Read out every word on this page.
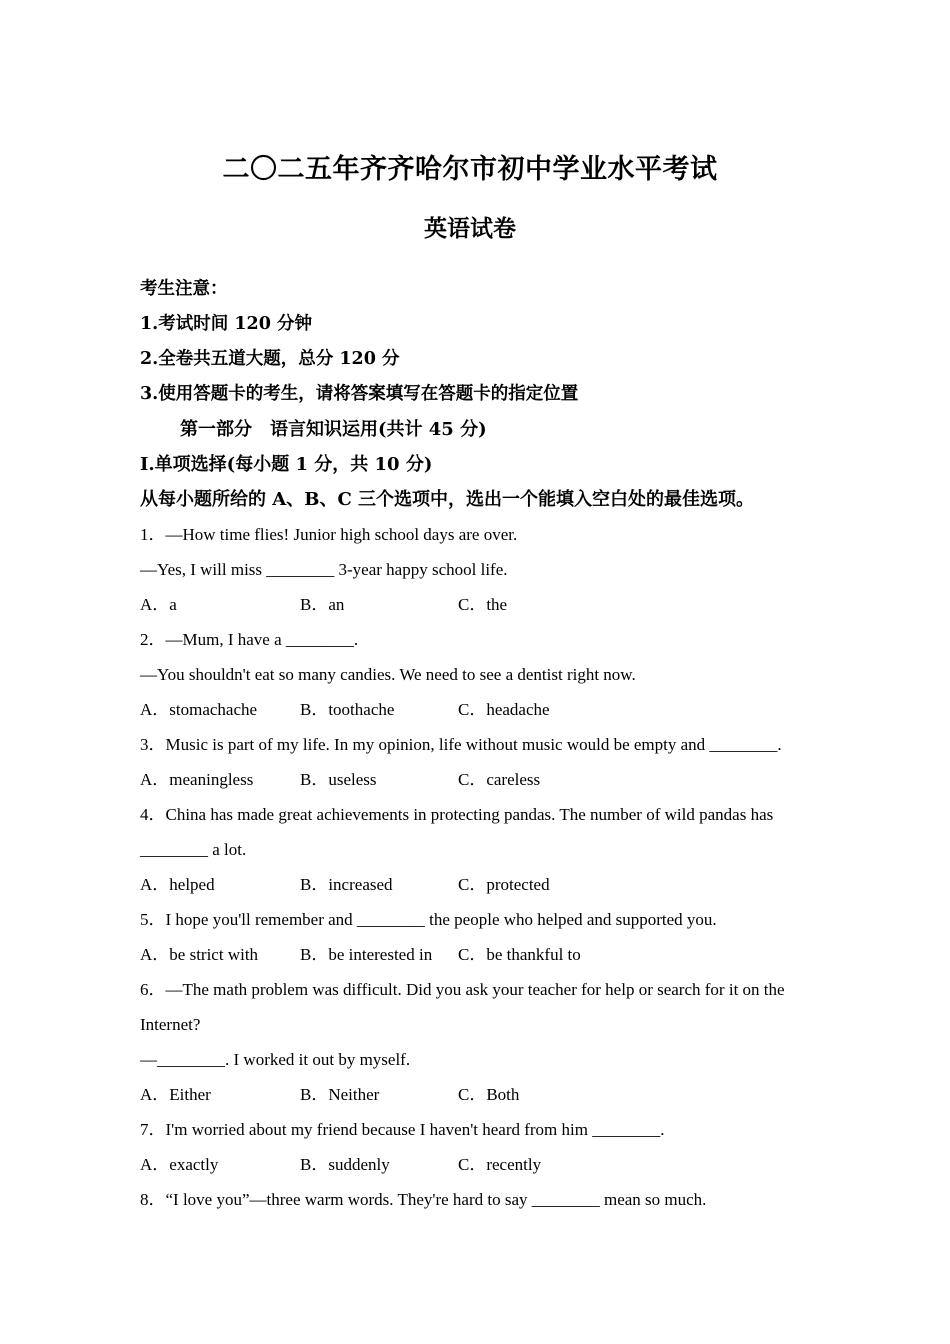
二〇二五年齐齐哈尔市初中学业水平考试
英语试卷
考生注意：
1.考试时间 120 分钟
2.全卷共五道大题，总分 120 分
3.使用答题卡的考生，请将答案填写在答题卡的指定位置
第一部分　语言知识运用(共计 45 分)
I.单项选择(每小题 1 分，共 10 分)
从每小题所给的 A、B、C 三个选项中，选出一个能填入空白处的最佳选项。
1．—How time flies! Junior high school days are over.
—Yes, I will miss ________ 3-year happy school life.
A．a	B．an	C．the
2．—Mum, I have a ________.
—You shouldn't eat so many candies. We need to see a dentist right now.
A．stomachache	B．toothache	C．headache
3．Music is part of my life. In my opinion, life without music would be empty and ________.
A．meaningless	B．useless	C．careless
4．China has made great achievements in protecting pandas. The number of wild pandas has
________ a lot.
A．helped	B．increased	C．protected
5．I hope you'll remember and ________ the people who helped and supported you.
A．be strict with B．be interested in C．be thankful to
6．—The math problem was difficult. Did you ask your teacher for help or search for it on the
Internet?
—________. I worked it out by myself.
A．Either	B．Neither	C．Both
7．I'm worried about my friend because I haven't heard from him ________.
A．exactly	B．suddenly	C．recently
8．“I love you”—three warm words. They're hard to say ________ mean so much.
